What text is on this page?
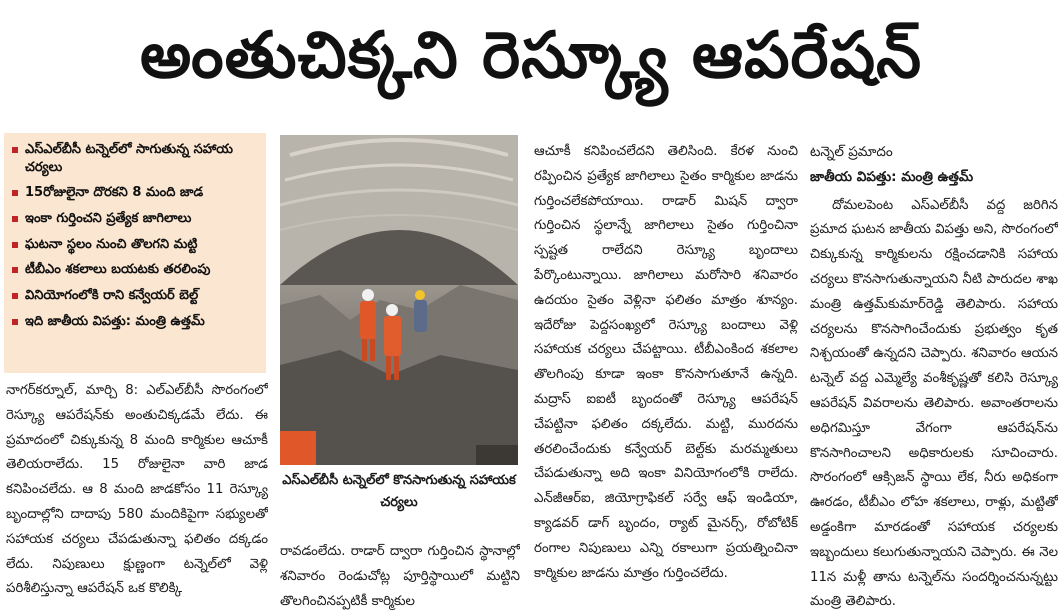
అంతుచిక్కని రెస్క్యూ ఆపరేషన్
ఎస్‌ఎల్‌బీసీ టన్నెల్‌లో సాగుతున్న సహాయ చర్యలు
15రోజులైనా దొరకని 8 మంది జాడ
ఇంకా గుర్తించని ప్రత్యేక జాగిలాలు
ఘటనా స్థలం నుంచి తొలగని మట్టి
టీబీఎం శకలాలు బయటకు తరలింపు
వినియోగంలోకి రాని కన్వేయర్ బెల్ట్
ఇది జాతీయ విపత్తు: మంత్రి ఉత్తమ్

నాగర్‌కర్నూల్‌, మార్చి 8: ఎల్‌ఎల్‌బీసీ సొరంగంలో రెస్క్యూ ఆపరేషన్‌కు అంతుచిక్కడమే లేదు. ఈ ప్రమాదంలో చిక్కుకున్న 8 మంది కార్మికుల ఆచూకీ తెలియరాలేదు. 15 రోజులైనా వారి జాడ కనిపించలేదు. ఆ 8 మంది జాడకోసం 11 రెస్క్యూ బృందాల్లోని దాదాపు 580 మందికిపైగా సభ్యులతో సహాయక చర్యలు చేపడుతున్నా ఫలితం దక్కడం లేదు. నిపుణులు క్షుణ్ణంగా టన్నెల్‌లో వెళ్లి పరిశీలిస్తున్నా ఆపరేషన్ ఒక కొలిక్కి

ఎస్‌ఎల్‌బీసీ టన్నెల్‌లో కొనసాగుతున్న సహాయక చర్యలు

రావడంలేదు. రాడార్ ద్వారా గుర్తించిన స్థానాల్లో శనివారం రెండుచోట్ల పూర్తిస్థాయిలో మట్టిని తొలగించినప్పటికీ కార్మికుల

ఆచూకీ కనిపించలేదని తెలిసింది. కేరళ నుంచి రప్పించిన ప్రత్యేక జాగిలాలు సైతం కార్మికుల జాడను గుర్తించలేకపోయాయి. రాడార్ మిషన్ ద్వారా గుర్తించిన స్థలాన్నే జాగిలాలు సైతం గుర్తించినా స్పష్టత రాలేదని రెస్క్యూ బృందాలు పేర్కొంటున్నాయి. జాగిలాలు మరోసారి శనివారం ఉదయం సైతం వెళ్లినా ఫలితం మాత్రం శూన్యం. ఇదేరోజు పెద్దసంఖ్యలో రెస్క్యూ బందాలు వెళ్లి సహాయక చర్యలు చేపట్టాయి. టీబీఎంకింద శకలాల తొలగింపు కూడా ఇంకా కొనసాగుతూనే ఉన్నది. మద్రాస్ ఐఐటీ బృందంతో రెస్క్యూ ఆపరేషన్ చేపట్టినా ఫలితం దక్కలేదు. మట్టి, మురదను తరలించేందుకు కన్వేయర్ బెల్ట్‌కు మరమ్మతులు చేపడుతున్నా అది ఇంకా వినియోగంలోకి రాలేదు. ఎన్‌జీఆర్ఐ, జియోగ్రాఫికల్ సర్వే ఆఫ్ ఇండియా, క్యాడవర్ డాగ్ బృందం, ర్యాట్ మైనర్స్, రోబోటిక్ రంగాల నిపుణులు ఎన్ని రకాలుగా ప్రయత్నించినా కార్మికుల జాడను మాత్రం గుర్తించలేదు.

టన్నెల్ ప్రమాదం
జాతీయ విపత్తు: మంత్రి ఉత్తమ్

దోమలపెంట ఎస్‌ఎల్‌బీసీ వద్ద జరిగిన ప్రమాద ఘటన జాతీయ విపత్తు అని, సొరంగంలో చిక్కుకున్న కార్మికులను రక్షించడానికి సహాయ చర్యలు కొనసాగుతున్నాయని నీటి పారుదల శాఖ మంత్రి ఉత్తమ్‌కుమార్‌రెడ్డి తెలిపారు. సహాయ చర్యలను కొనసాగించేందుకు ప్రభుత్వం కృత నిశ్చయంతో ఉన్నదని చెప్పారు. శనివారం ఆయన టన్నెల్ వద్ద ఎమ్మెల్యే వంశీకృష్ణతో కలిసి రెస్క్యూ ఆపరేషన్ వివరాలను తెలిపారు. అవాంతరాలను అధిగమిస్తూ వేగంగా ఆపరేషన్‌ను కొనసాగించాలని అధికారులకు సూచించారు. సొరంగంలో ఆక్సిజన్ స్థాయి లేక, నీరు అధికంగా ఊరడం, టీబీఎం లోహ శకలాలు, రాళ్లు, మట్టితో అడ్డంకిగా మారడంతో సహాయక చర్యలకు ఇబ్బందులు కలుగుతున్నాయని చెప్పారు. ఈ నెల 11న మళ్లీ తాను టన్నెల్‌ను సందర్శించనున్నట్టు మంత్రి తెలిపారు.
